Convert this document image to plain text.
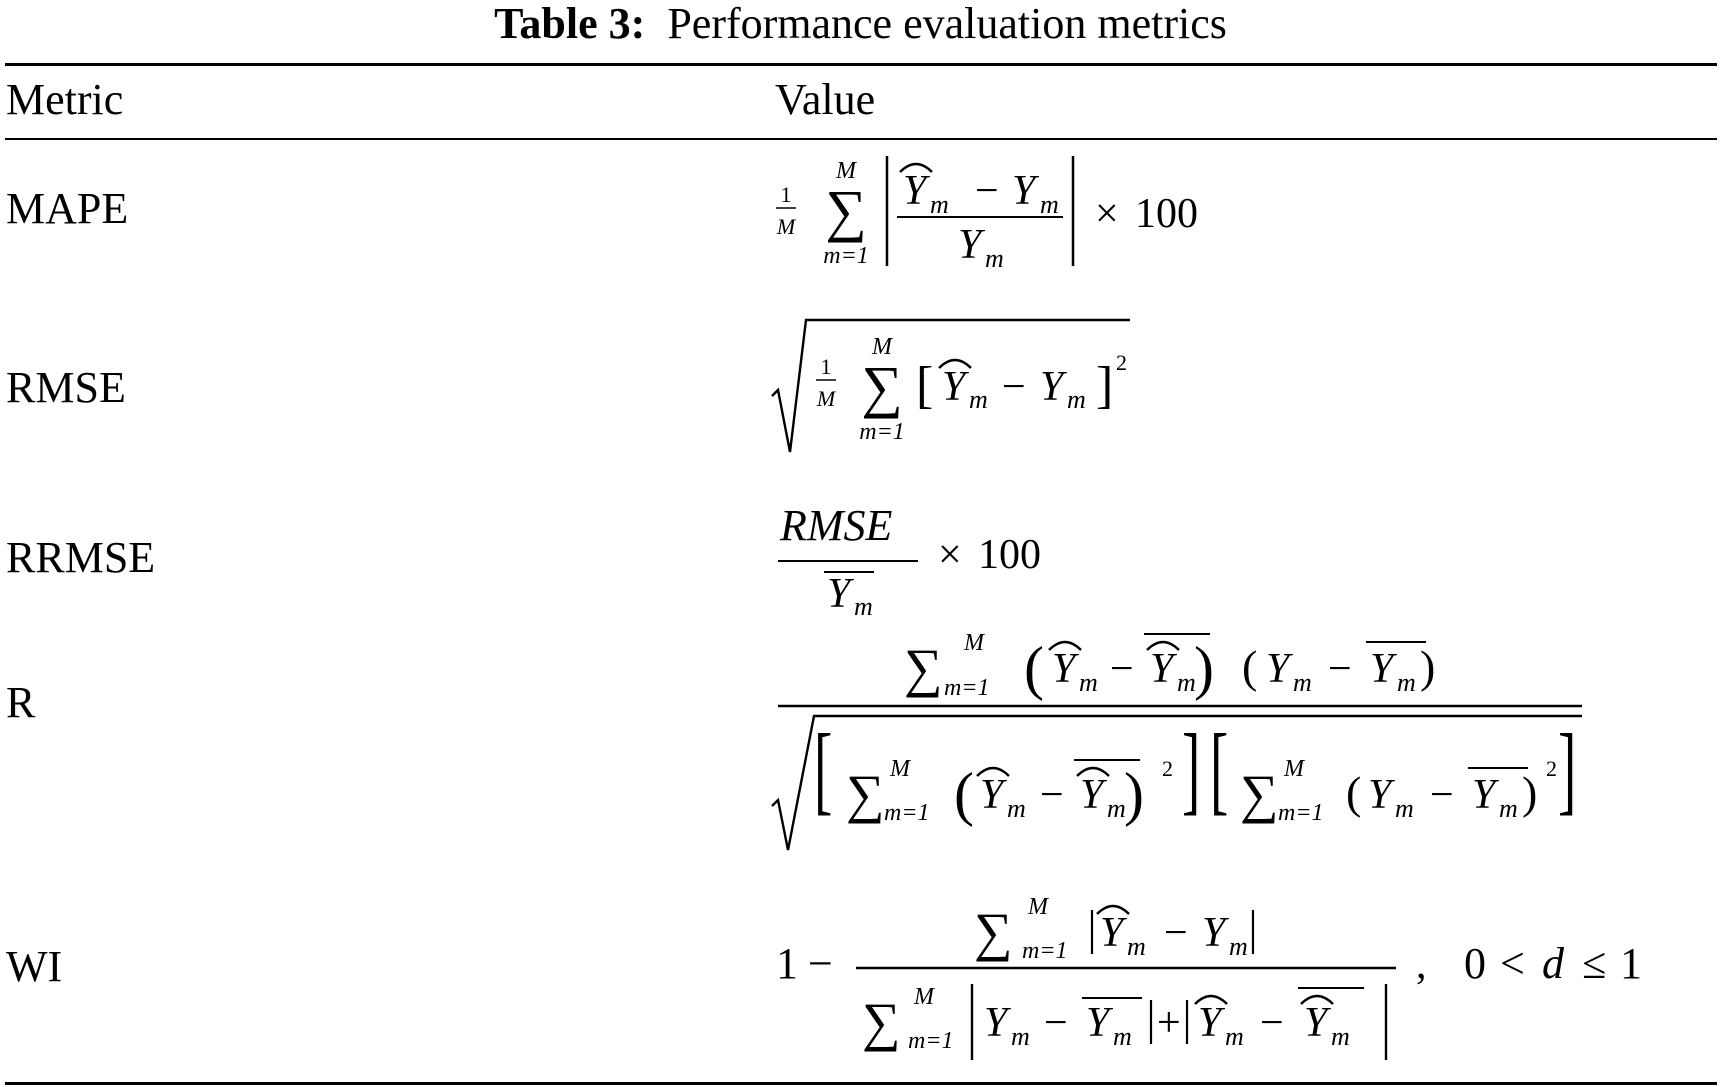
Table 3: Performance evaluation metrics
Metric	Value
MAPE
RMSE
RRMSE
R
WI
1
M
M
∑
m=1
Y m − Y m
Y m
× 100
1
M
M
∑
m=1
[ Y m − Y m ] 2
RMSE
Y m
× 100
∑ M
m=1 ( Y m − Y m
) ( Y m − Y m )
[ ∑ M
m=1 ( Y m − Y m
) 2 ] [ ∑ M
m=1 ( Y m − Y m ) 2 ]
1 −
∑ M
m=1 Y m − Y m
∑ M
m=1 Y m − Y m + Y m − Y m
, 0 < d ≤ 1
